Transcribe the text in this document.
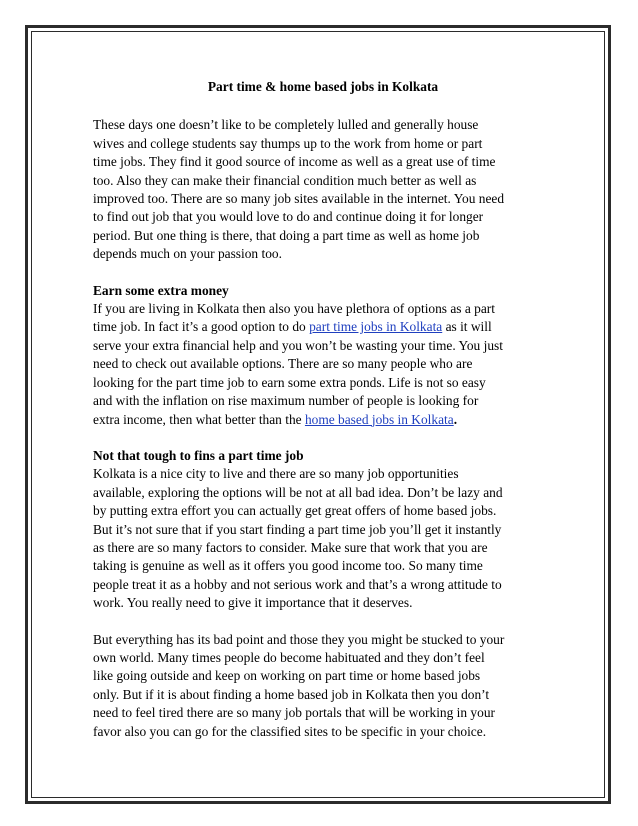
Part time & home based jobs in Kolkata
These days one doesn’t like to be completely lulled and generally house
wives and college students say thumps up to the work from home or part
time jobs. They find it good source of income as well as a great use of time
too. Also they can make their financial condition much better as well as
improved too. There are so many job sites available in the internet. You need
to find out job that you would love to do and continue doing it for longer
period. But one thing is there, that doing a part time as well as home job
depends much on your passion too.
Earn some extra money
If you are living in Kolkata then also you have plethora of options as a part
time job. In fact it’s a good option to do part time jobs in Kolkata as it will
serve your extra financial help and you won’t be wasting your time. You just
need to check out available options. There are so many people who are
looking for the part time job to earn some extra ponds. Life is not so easy
and with the inflation on rise maximum number of people is looking for
extra income, then what better than the home based jobs in Kolkata.
Not that tough to fins a part time job
Kolkata is a nice city to live and there are so many job opportunities
available, exploring the options will be not at all bad idea. Don’t be lazy and
by putting extra effort you can actually get great offers of home based jobs.
But it’s not sure that if you start finding a part time job you’ll get it instantly
as there are so many factors to consider. Make sure that work that you are
taking is genuine as well as it offers you good income too. So many time
people treat it as a hobby and not serious work and that’s a wrong attitude to
work. You really need to give it importance that it deserves.
But everything has its bad point and those they you might be stucked to your
own world. Many times people do become habituated and they don’t feel
like going outside and keep on working on part time or home based jobs
only. But if it is about finding a home based job in Kolkata then you don’t
need to feel tired there are so many job portals that will be working in your
favor also you can go for the classified sites to be specific in your choice.
